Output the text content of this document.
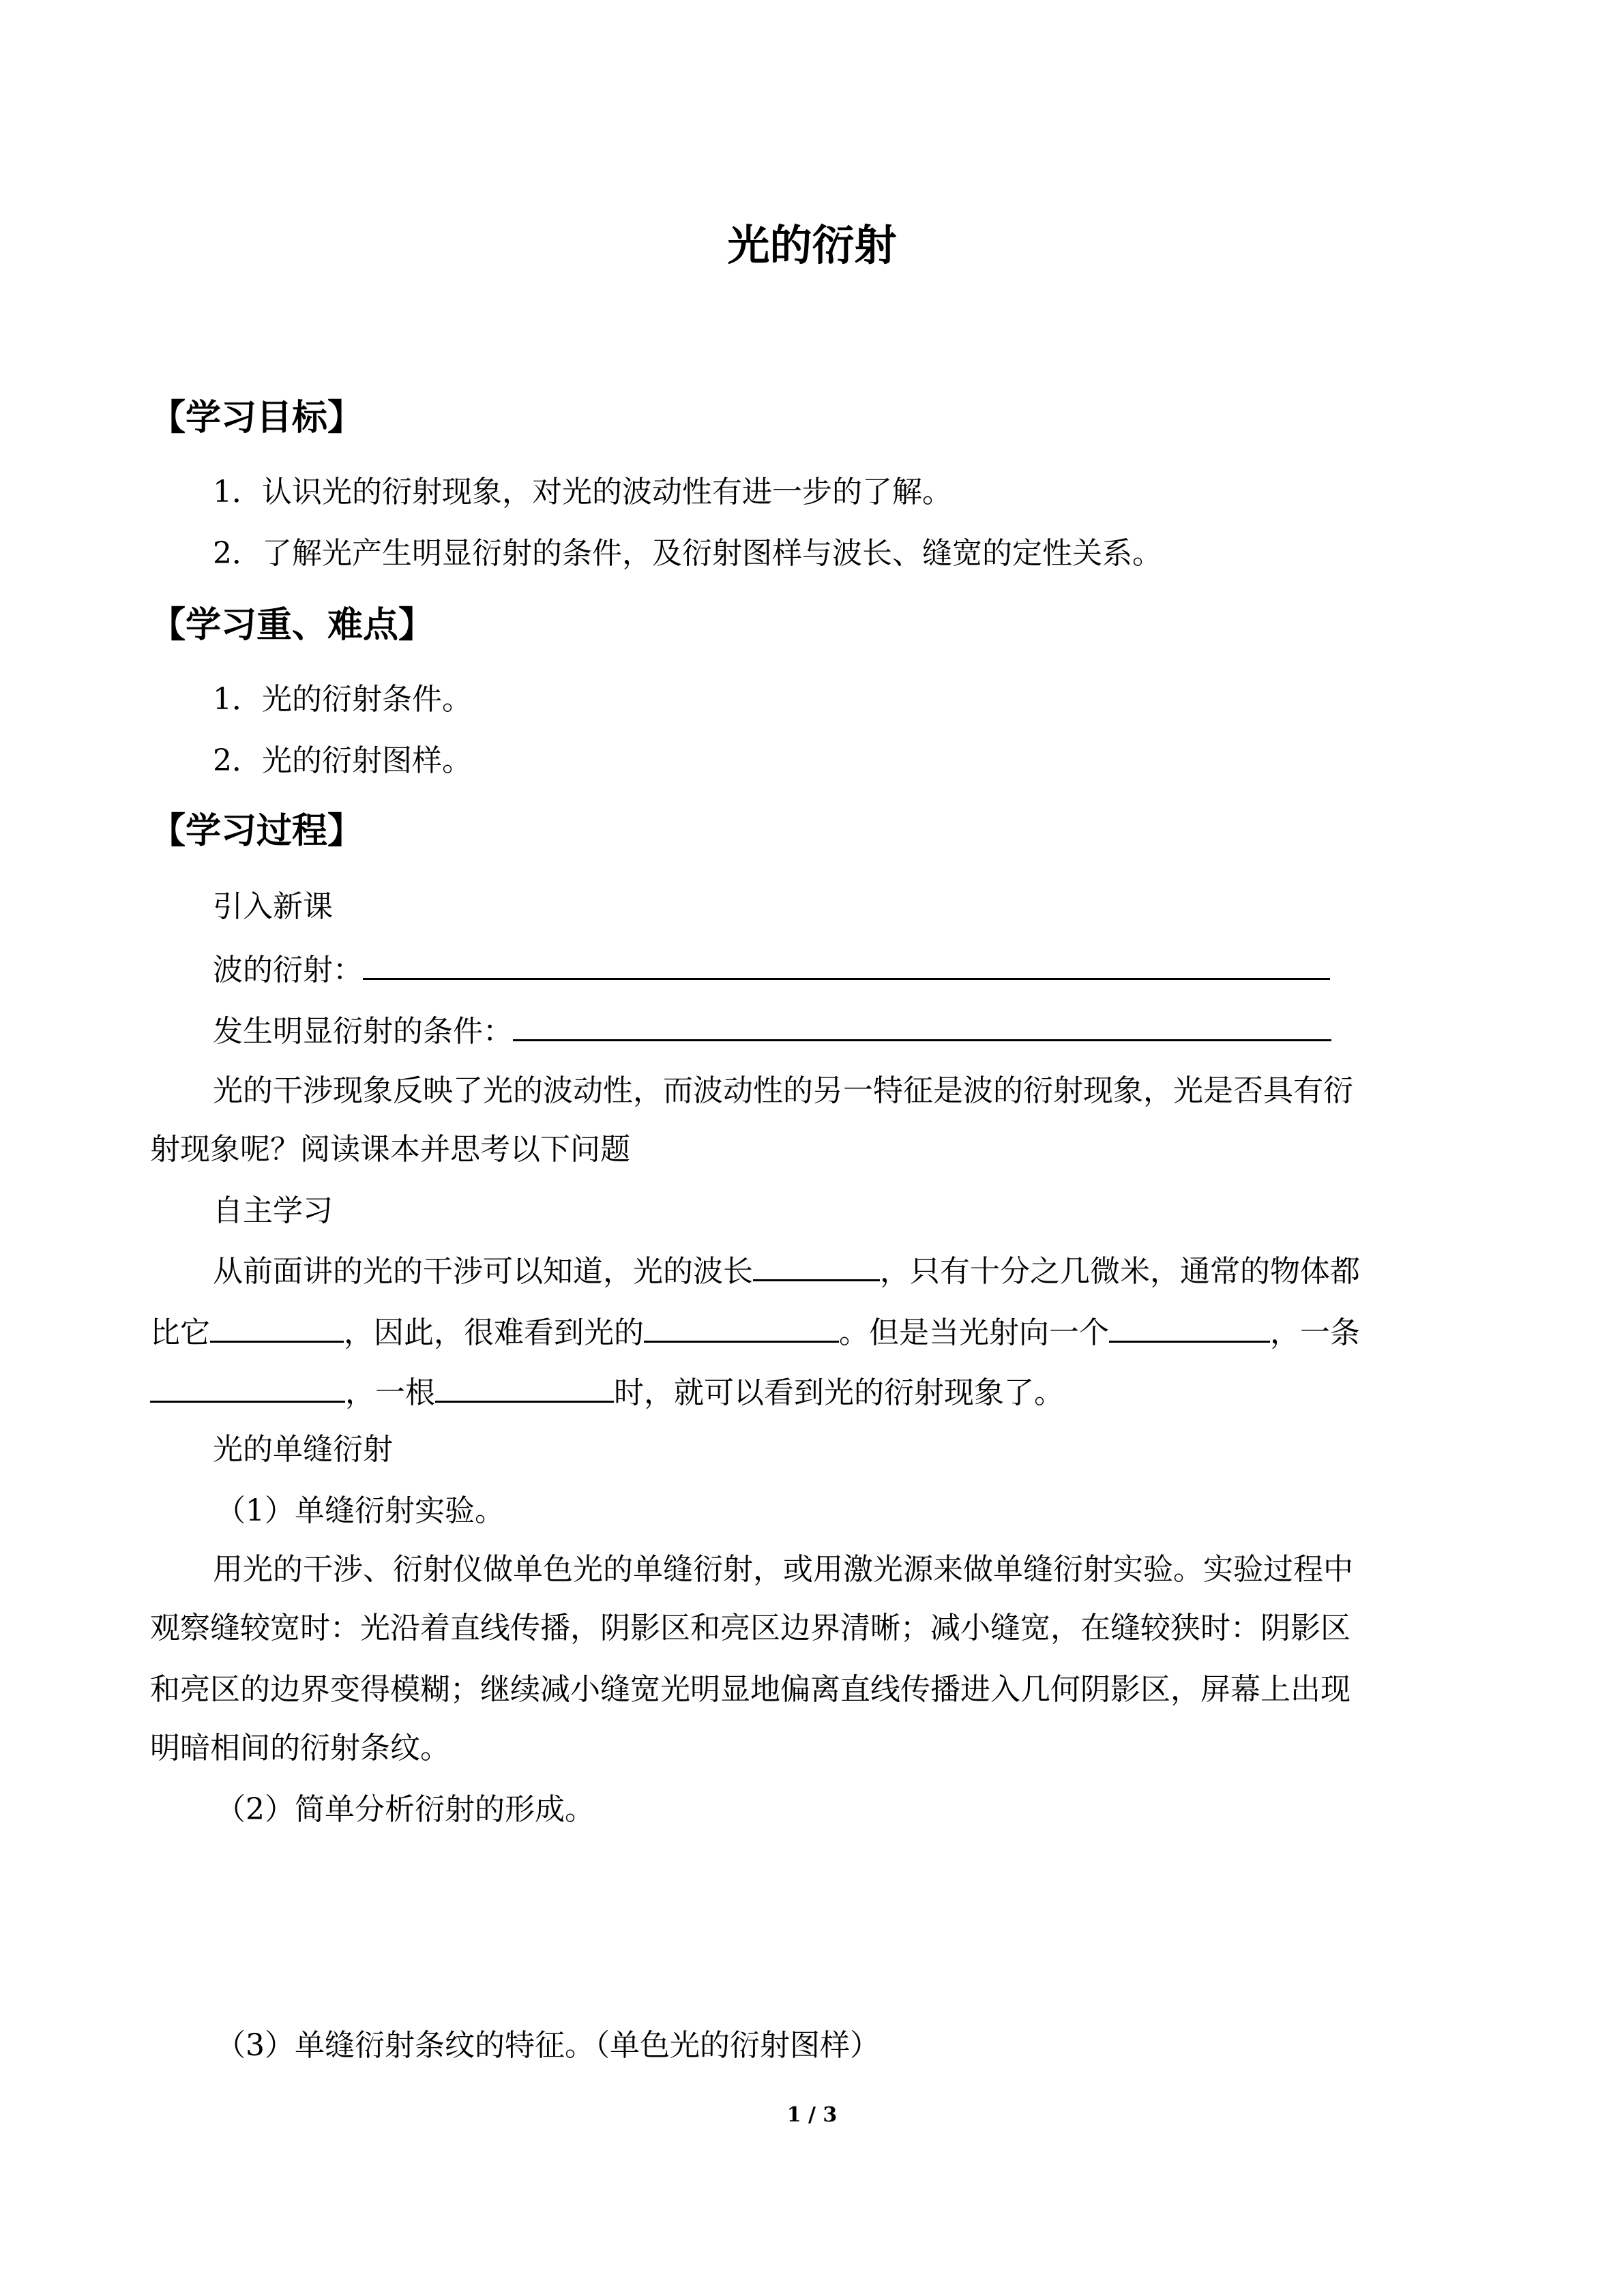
光的衍射
【学习目标】
1．认识光的衍射现象，对光的波动性有进一步的了解。
2．了解光产生明显衍射的条件，及衍射图样与波长、缝宽的定性关系。
【学习重、难点】
1．光的衍射条件。
2．光的衍射图样。
【学习过程】
引入新课
波的衍射：
发生明显衍射的条件：
光的干涉现象反映了光的波动性，而波动性的另一特征是波的衍射现象，光是否具有衍
射现象呢？阅读课本并思考以下问题
自主学习
从前面讲的光的干涉可以知道，光的波长	，只有十分之几微米，通常的物体都
比它	，因此，很难看到光的	。但是当光射向一个	，一条
，一根	时，就可以看到光的衍射现象了。
光的单缝衍射
（1）单缝衍射实验。
用光的干涉、衍射仪做单色光的单缝衍射，或用激光源来做单缝衍射实验。实验过程中
观察缝较宽时：光沿着直线传播，阴影区和亮区边界清晰；减小缝宽，在缝较狭时：阴影区
和亮区的边界变得模糊；继续减小缝宽光明显地偏离直线传播进入几何阴影区，屏幕上出现
明暗相间的衍射条纹。
（2）简单分析衍射的形成。
（3）单缝衍射条纹的特征。（单色光的衍射图样）
1 / 3
